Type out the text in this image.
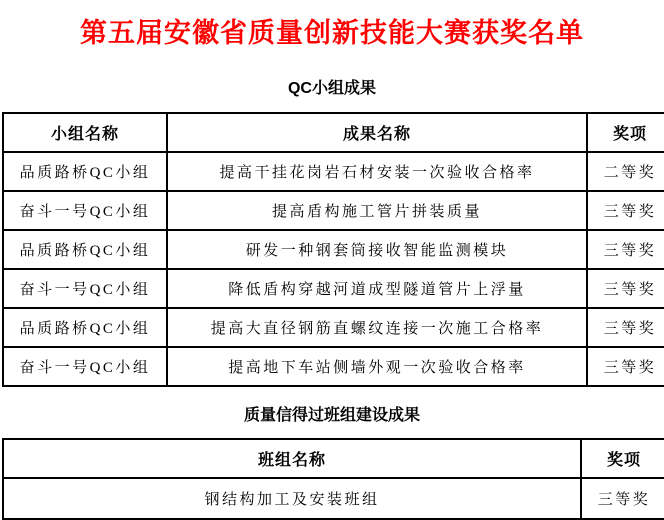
第五届安徽省质量创新技能大赛获奖名单
QC小组成果
小组名称	成果名称	奖项
品质路桥QC小组	提高干挂花岗岩石材安装一次验收合格率	二等奖
奋斗一号QC小组	提高盾构施工管片拼装质量	三等奖
品质路桥QC小组	研发一种钢套筒接收智能监测模块	三等奖
奋斗一号QC小组	降低盾构穿越河道成型隧道管片上浮量	三等奖
品质路桥QC小组	提高大直径钢筋直螺纹连接一次施工合格率	三等奖
奋斗一号QC小组	提高地下车站侧墙外观一次验收合格率	三等奖
质量信得过班组建设成果
班组名称	奖项
钢结构加工及安装班组	三等奖
